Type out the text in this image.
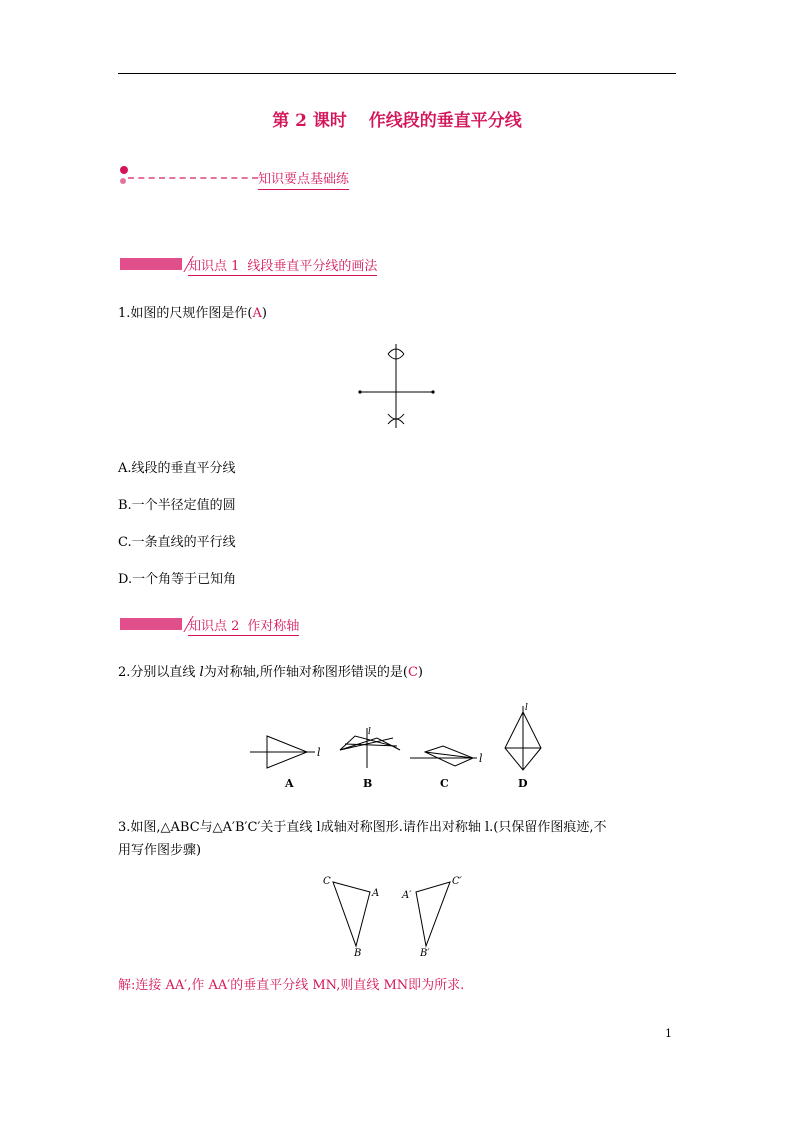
第 2 课时 作线段的垂直平分线
知识要点基础练
知识点 1 线段垂直平分线的画法
1.如图的尺规作图是作(A)
A.线段的垂直平分线
B.一个半径定值的圆
C.一条直线的平行线
D.一个角等于已知角
知识点 2 作对称轴
2.分别以直线 l为对称轴,所作轴对称图形错误的是(C)
l
A
l
B
l
C
l
D
3.如图,△ABC与△A′B′C′关于直线 l成轴对称图形.请作出对称轴 l.(只保留作图痕迹,不
用写作图步骤)
C
A
B
A′
C′
B′
解:连接 AA′,作 AA′的垂直平分线 MN,则直线 MN即为所求.
1
